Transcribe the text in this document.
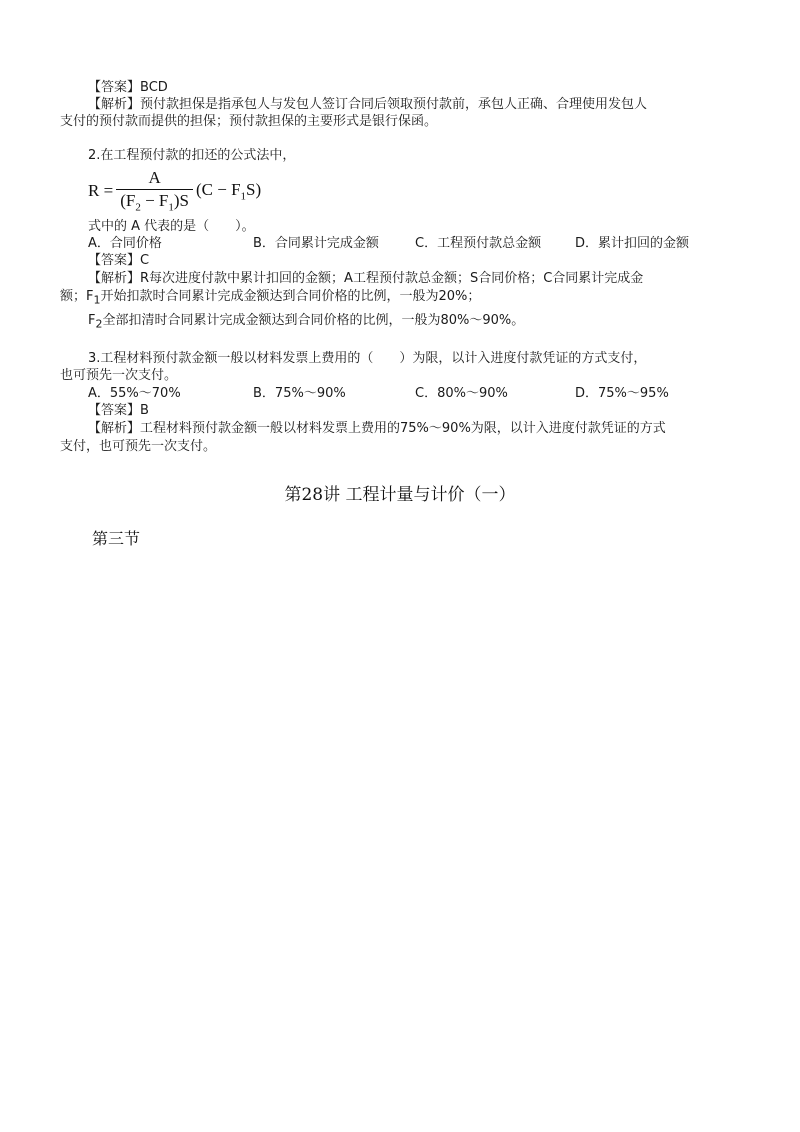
【答案】BCD
【解析】预付款担保是指承包人与发包人签订合同后领取预付款前，承包人正确、合理使用发包人
支付的预付款而提供的担保；预付款担保的主要形式是银行保函。
2.在工程预付款的扣还的公式法中，
$R = \frac{A}{(F_2 - F_1)S} (C - F_1S)$
式中的 A 代表的是（　　）。
A．合同价格	B．合同累计完成金额	C．工程预付款总金额	D．累计扣回的金额
【答案】C
【解析】R每次进度付款中累计扣回的金额；A工程预付款总金额；S合同价格；C合同累计完成金
额；$F_1$开始扣款时合同累计完成金额达到合同价格的比例，一般为20%；
$F_2$全部扣清时合同累计完成金额达到合同价格的比例，一般为80%～90%。
3.工程材料预付款金额一般以材料发票上费用的（　　）为限，以计入进度付款凭证的方式支付，
也可预先一次支付。
A．55%～70%	B．75%～90%	C．80%～90%	D．75%～95%
【答案】B
【解析】工程材料预付款金额一般以材料发票上费用的75%～90%为限，以计入进度付款凭证的方式
支付，也可预先一次支付。
第28讲 工程计量与计价（一）
第三节
